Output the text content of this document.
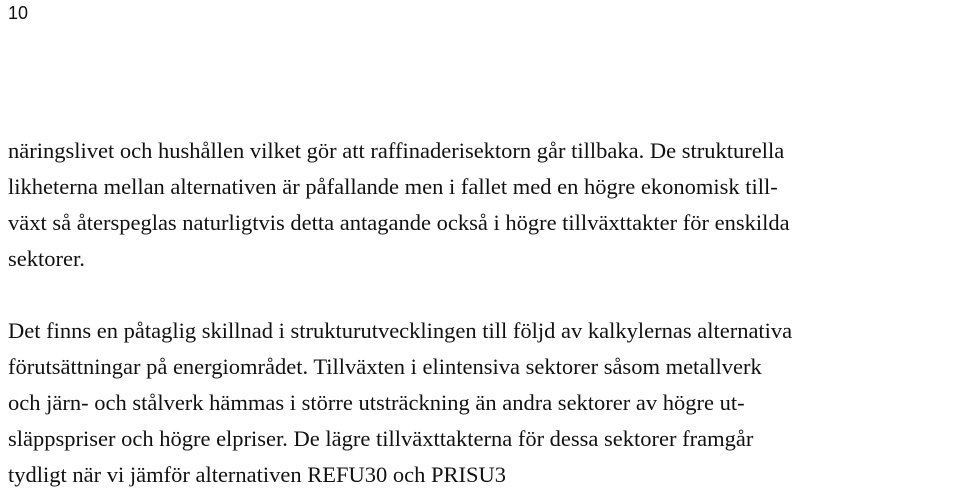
10

näringslivet och hushållen vilket gör att raffinaderisektorn går tillbaka. De strukturella
likheterna mellan alternativen är påfallande men i fallet med en högre ekonomisk till-
växt så återspeglas naturligtvis detta antagande också i högre tillväxttakter för enskilda
sektorer.

Det finns en påtaglig skillnad i strukturutvecklingen till följd av kalkylernas alternativa
förutsättningar på energiområdet. Tillväxten i elintensiva sektorer såsom metallverk
och järn- och stålverk hämmas i större utsträckning än andra sektorer av högre ut-
släppspriser och högre elpriser. De lägre tillväxttakterna för dessa sektorer framgår
tydligt när vi jämför alternativen REFU30 och PRISU3
